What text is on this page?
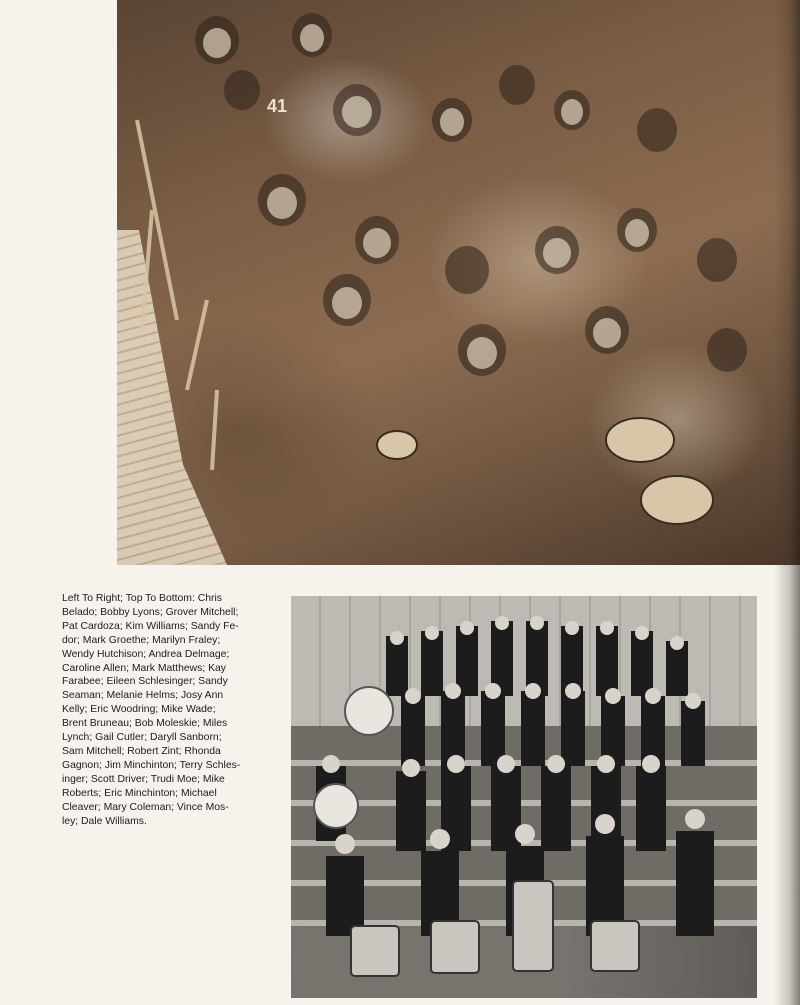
41

Left To Right; Top To Bottom: Chris
Belado; Bobby Lyons; Grover Mitchell;
Pat Cardoza; Kim Williams; Sandy Fe-
dor; Mark Groethe; Marilyn Fraley;
Wendy Hutchison; Andrea Delmage;
Caroline Allen; Mark Matthews; Kay
Farabee; Eileen Schlesinger; Sandy
Seaman; Melanie Helms; Josy Ann
Kelly; Eric Woodring; Mike Wade;
Brent Bruneau; Bob Moleskie; Miles
Lynch; Gail Cutler; Daryll Sanborn;
Sam Mitchell; Robert Zint; Rhonda
Gagnon; Jim Minchinton; Terry Schles-
inger; Scott Driver; Trudi Moe; Mike
Roberts; Eric Minchinton; Michael
Cleaver; Mary Coleman; Vince Mos-
ley; Dale Williams.
